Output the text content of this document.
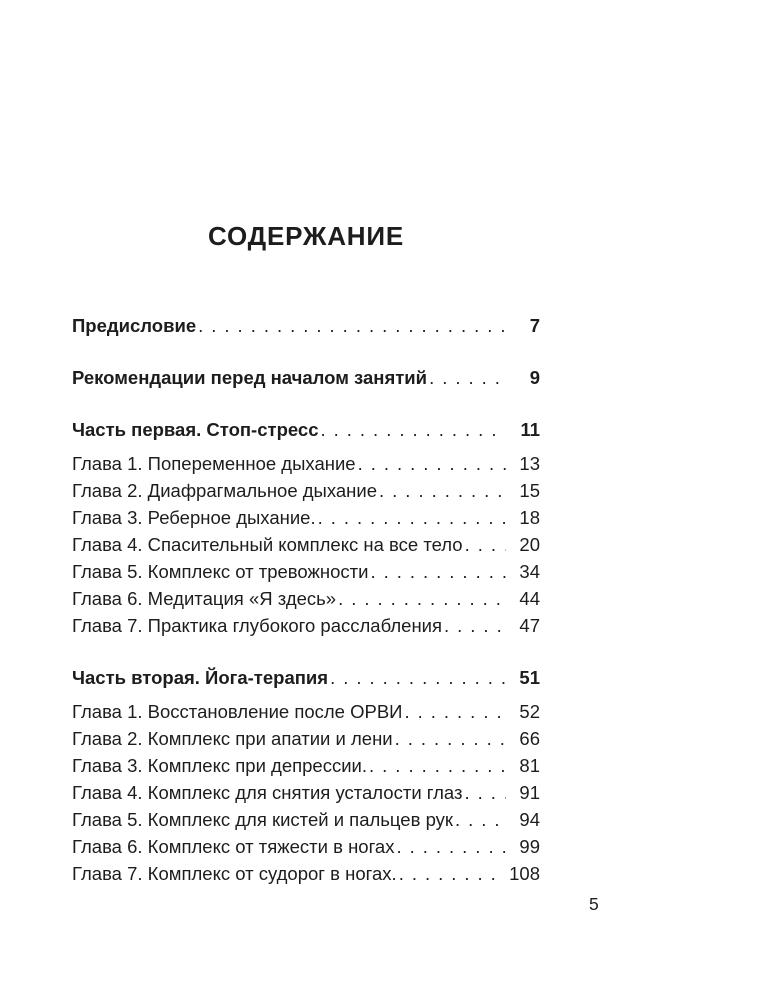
СОДЕРЖАНИЕ
Предисловие .....	7
Рекомендации перед началом занятий .....	9
Часть первая. Стоп-стресс .....	11
Глава 1. Попеременное дыхание .....	13
Глава 2. Диафрагмальное дыхание .....	15
Глава 3. Реберное дыхание. .....	18
Глава 4. Спасительный комплекс на все тело .....	20
Глава 5. Комплекс от тревожности .....	34
Глава 6. Медитация «Я здесь» .....	44
Глава 7. Практика глубокого расслабления .....	47
Часть вторая. Йога-терапия .....	51
Глава 1. Восстановление после ОРВИ .....	52
Глава 2. Комплекс при апатии и лени .....	66
Глава 3. Комплекс при депрессии. .....	81
Глава 4. Комплекс для снятия усталости глаз .....	91
Глава 5. Комплекс для кистей и пальцев рук .....	94
Глава 6. Комплекс от тяжести в ногах .....	99
Глава 7. Комплекс от судорог в ногах. .....	108
5
